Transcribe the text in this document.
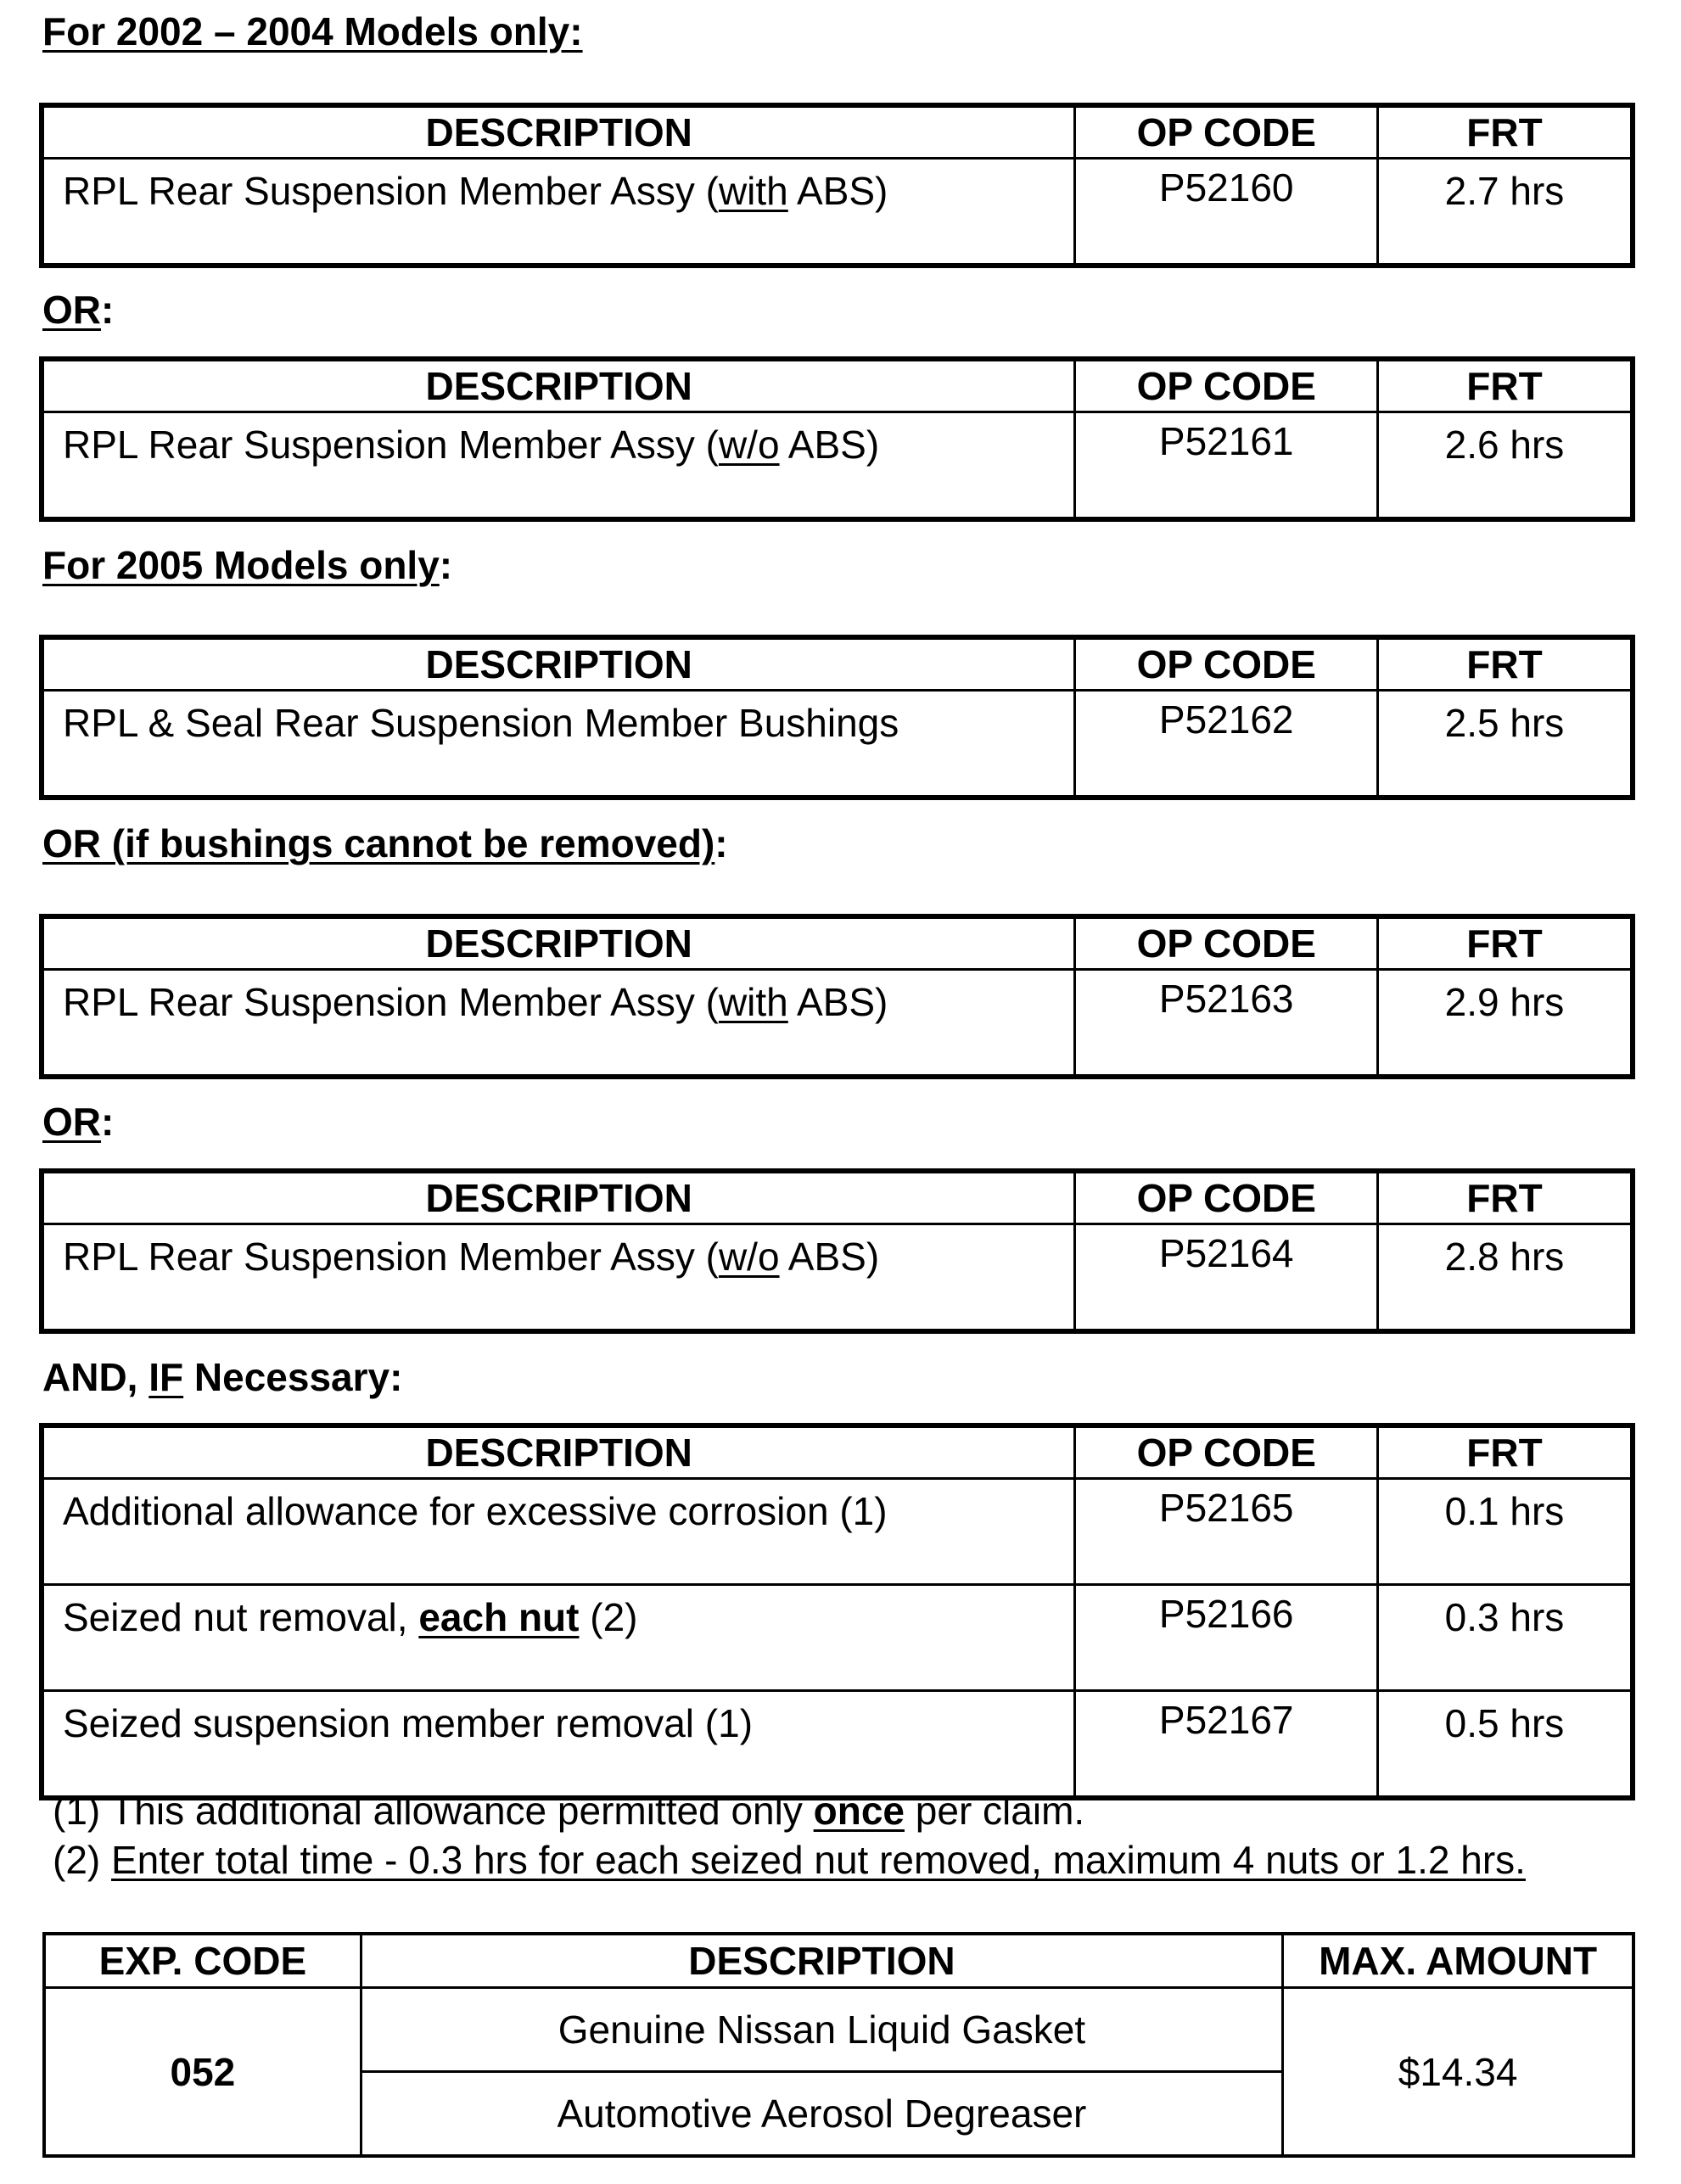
For 2002 – 2004 Models only:
DESCRIPTION	OP CODE	FRT
RPL Rear Suspension Member Assy (with ABS)	P52160	2.7 hrs
OR:
DESCRIPTION	OP CODE	FRT
RPL Rear Suspension Member Assy (w/o ABS)	P52161	2.6 hrs
For 2005 Models only:
DESCRIPTION	OP CODE	FRT
RPL & Seal Rear Suspension Member Bushings	P52162	2.5 hrs
OR (if bushings cannot be removed):
DESCRIPTION	OP CODE	FRT
RPL Rear Suspension Member Assy (with ABS)	P52163	2.9 hrs
OR:
DESCRIPTION	OP CODE	FRT
RPL Rear Suspension Member Assy (w/o ABS)	P52164	2.8 hrs
AND, IF Necessary:
DESCRIPTION	OP CODE	FRT
Additional allowance for excessive corrosion (1)	P52165	0.1 hrs
Seized nut removal, each nut (2)	P52166	0.3 hrs
Seized suspension member removal (1)	P52167	0.5 hrs
(1) This additional allowance permitted only once per claim.
(2) Enter total time - 0.3 hrs for each seized nut removed, maximum 4 nuts or 1.2 hrs.
EXP. CODE	DESCRIPTION	MAX. AMOUNT
052	Genuine Nissan Liquid Gasket	$14.34
	Automotive Aerosol Degreaser	
